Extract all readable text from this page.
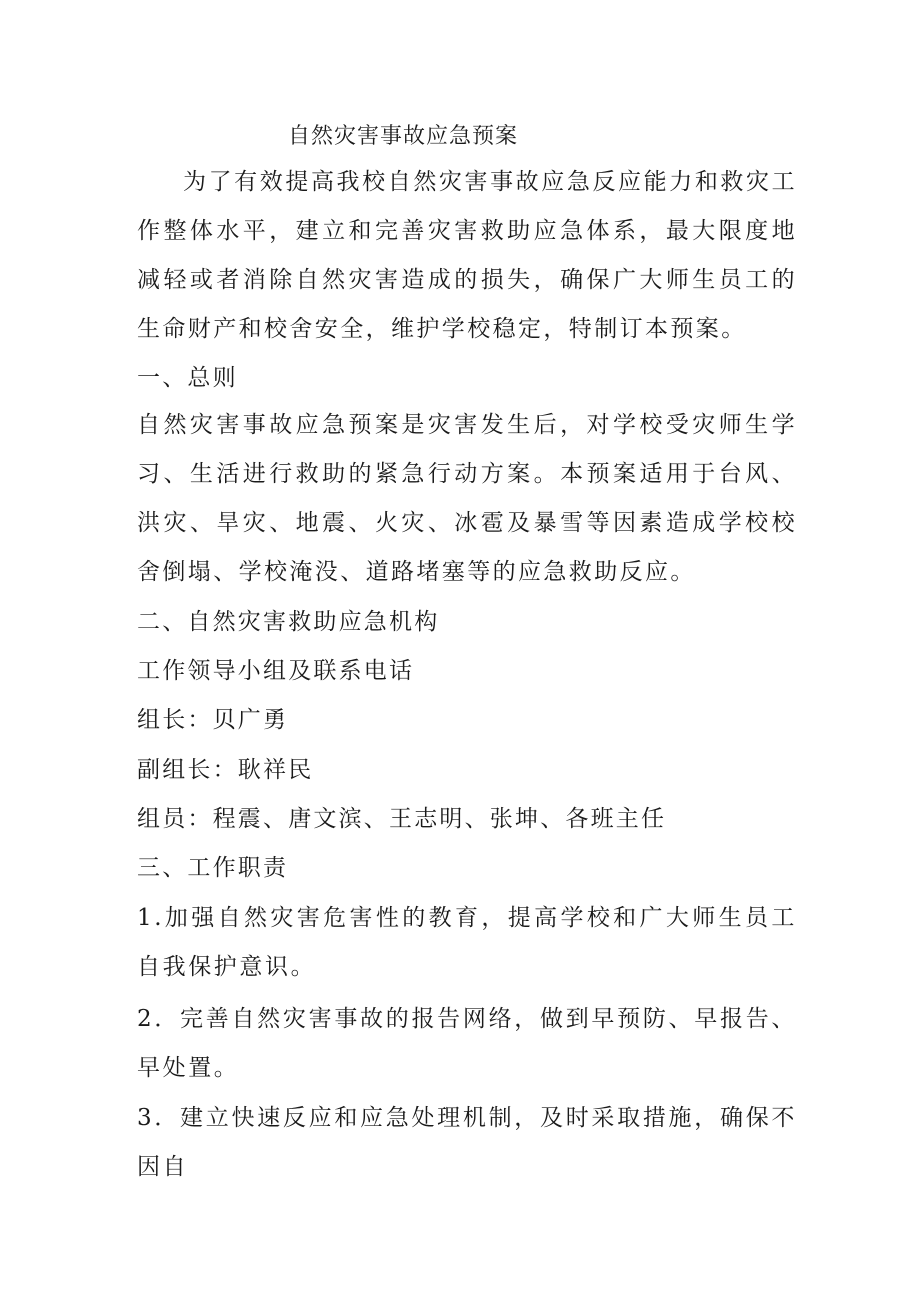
自然灾害事故应急预案
为了有效提高我校自然灾害事故应急反应能力和救灾工作整体水平，建立和完善灾害救助应急体系，最大限度地减轻或者消除自然灾害造成的损失，确保广大师生员工的生命财产和校舍安全，维护学校稳定，特制订本预案。
一、总则
自然灾害事故应急预案是灾害发生后，对学校受灾师生学习、生活进行救助的紧急行动方案。本预案适用于台风、洪灾、旱灾、地震、火灾、冰雹及暴雪等因素造成学校校舍倒塌、学校淹没、道路堵塞等的应急救助反应。
二、自然灾害救助应急机构
工作领导小组及联系电话
组长：贝广勇
副组长：耿祥民
组员：程震、唐文滨、王志明、张坤、各班主任
三、工作职责
1.加强自然灾害危害性的教育，提高学校和广大师生员工自我保护意识。
2．完善自然灾害事故的报告网络，做到早预防、早报告、早处置。
3．建立快速反应和应急处理机制，及时采取措施，确保不因自
